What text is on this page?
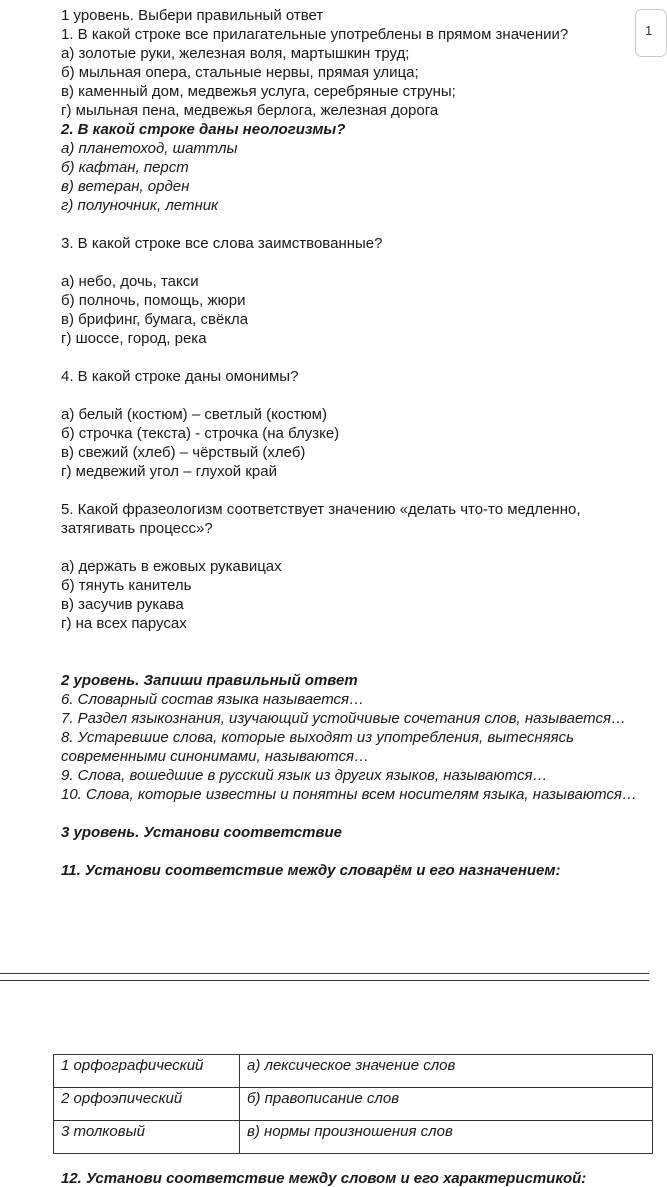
1
1 уровень. Выбери правильный ответ
1. В какой строке все прилагательные употреблены в прямом значении?
а) золотые руки, железная воля, мартышкин труд;
б) мыльная опера, стальные нервы, прямая улица;
в) каменный дом, медвежья услуга, серебряные струны;
г) мыльная пена, медвежья берлога, железная дорога
2. В какой строке даны неологизмы?
а) планетоход, шаттлы
б) кафтан, перст
в) ветеран, орден
г) полуночник, летник
3. В какой строке все слова заимствованные?
а) небо, дочь, такси
б) полночь, помощь, жюри
в) брифинг, бумага, свёкла
г) шоссе, город, река
4. В какой строке даны омонимы?
а) белый (костюм) – светлый (костюм)
б) строчка (текста) - строчка (на блузке)
в) свежий (хлеб) – чёрствый (хлеб)
г) медвежий угол – глухой край
5. Какой фразеологизм соответствует значению «делать что-то медленно,
затягивать процесс»?
а) держать в ежовых рукавицах
б) тянуть канитель
в) засучив рукава
г) на всех парусах
2 уровень. Запиши правильный ответ
6. Словарный состав языка называется…
7. Раздел языкознания, изучающий устойчивые сочетания слов, называется…
8. Устаревшие слова, которые выходят из употребления, вытесняясь
современными синонимами, называются…
9. Слова, вошедшие в русский язык из других языков, называются…
10. Слова, которые известны и понятны всем носителям языка, называются…
3 уровень. Установи соответствие
11. Установи соответствие между словарём и его назначением:
1 орфографический	а) лексическое значение слов
2 орфоэпический	б) правописание слов
3 толковый	в) нормы произношения слов
12. Установи соответствие между словом и его характеристикой:
